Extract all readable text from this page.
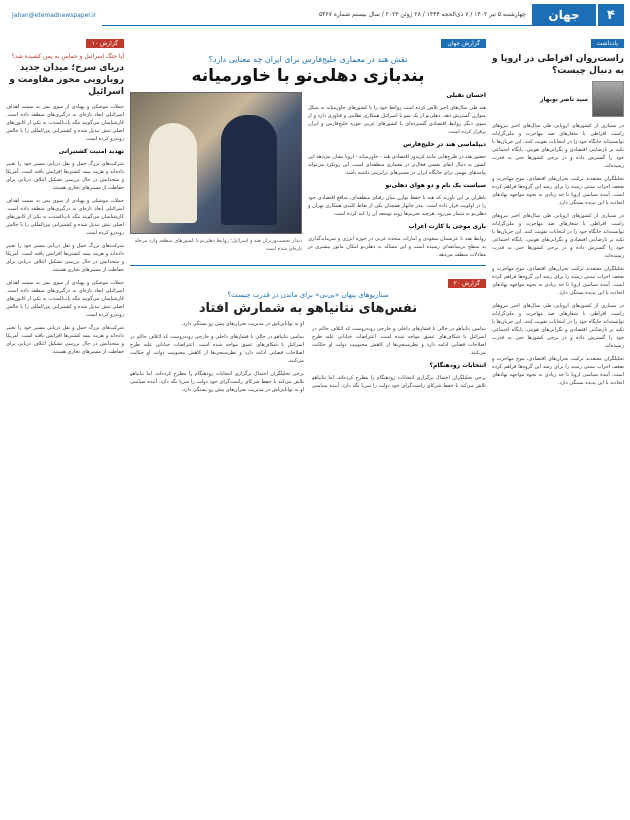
۴
جهان
چهارشنبه ۵ تیر ۱۴۰۲ / ۷ ذی‌الحجه ۱۴۴۴ / ۲۸ ژوئن ۲۰۲۳ / سال بیستم شماره ۵۴۶۷
Jahan@etemadnewspaper.ir
یادداشت
راست‌روان افراطی در اروپا و به دنبال چیست؟
سید ناصر نوبهار

در بسیاری از کشورهای اروپایی طی سال‌های اخیر نیروهای راست افراطی با شعارهای ضد مهاجرت و ملی‌گرایانه توانسته‌اند جایگاه خود را در انتخابات تقویت کنند. این جریان‌ها با تکیه بر نارضایتی اقتصادی و نگرانی‌های هویتی، پایگاه اجتماعی خود را گسترش داده و در برخی کشورها حتی به قدرت رسیده‌اند.

تحلیلگران معتقدند ترکیب بحران‌های اقتصادی، موج مهاجرت و ضعف احزاب سنتی زمینه را برای رشد این گروه‌ها فراهم کرده است. آینده سیاسی اروپا تا حد زیادی به نحوه مواجهه نهادهای اتحادیه با این پدیده بستگی دارد.

در بسیاری از کشورهای اروپایی طی سال‌های اخیر نیروهای راست افراطی با شعارهای ضد مهاجرت و ملی‌گرایانه توانسته‌اند جایگاه خود را در انتخابات تقویت کنند. این جریان‌ها با تکیه بر نارضایتی اقتصادی و نگرانی‌های هویتی، پایگاه اجتماعی خود را گسترش داده و در برخی کشورها حتی به قدرت رسیده‌اند.

تحلیلگران معتقدند ترکیب بحران‌های اقتصادی، موج مهاجرت و ضعف احزاب سنتی زمینه را برای رشد این گروه‌ها فراهم کرده است. آینده سیاسی اروپا تا حد زیادی به نحوه مواجهه نهادهای اتحادیه با این پدیده بستگی دارد.

در بسیاری از کشورهای اروپایی طی سال‌های اخیر نیروهای راست افراطی با شعارهای ضد مهاجرت و ملی‌گرایانه توانسته‌اند جایگاه خود را در انتخابات تقویت کنند. این جریان‌ها با تکیه بر نارضایتی اقتصادی و نگرانی‌های هویتی، پایگاه اجتماعی خود را گسترش داده و در برخی کشورها حتی به قدرت رسیده‌اند.

تحلیلگران معتقدند ترکیب بحران‌های اقتصادی، موج مهاجرت و ضعف احزاب سنتی زمینه را برای رشد این گروه‌ها فراهم کرده است. آینده سیاسی اروپا تا حد زیادی به نحوه مواجهه نهادهای اتحادیه با این پدیده بستگی دارد.

گزارش ۱۰
آیا جنگ اسرائیل و حماس به یمن کشیده شد؟
دریای سرخ؛ میدان جدید رویارویی محور مقاومت و اسرائیل

حملات موشکی و پهپادی از سوی یمن به سمت اهداف اسرائیلی ابعاد تازه‌ای به درگیری‌های منطقه داده است. کارشناسان می‌گویند تنگه باب‌المندب به یکی از کانون‌های اصلی تنش تبدیل شده و کشتیرانی بین‌المللی را با چالش روبه‌رو کرده است.

تهدید امنیت کشتیرانی

شرکت‌های بزرگ حمل و نقل دریایی مسیر خود را تغییر داده‌اند و هزینه بیمه کشتی‌ها افزایش یافته است. آمریکا و متحدانش در حال بررسی تشکیل ائتلاف دریایی برای حفاظت از مسیرهای تجاری هستند.

حملات موشکی و پهپادی از سوی یمن به سمت اهداف اسرائیلی ابعاد تازه‌ای به درگیری‌های منطقه داده است. کارشناسان می‌گویند تنگه باب‌المندب به یکی از کانون‌های اصلی تنش تبدیل شده و کشتیرانی بین‌المللی را با چالش روبه‌رو کرده است.

شرکت‌های بزرگ حمل و نقل دریایی مسیر خود را تغییر داده‌اند و هزینه بیمه کشتی‌ها افزایش یافته است. آمریکا و متحدانش در حال بررسی تشکیل ائتلاف دریایی برای حفاظت از مسیرهای تجاری هستند.

حملات موشکی و پهپادی از سوی یمن به سمت اهداف اسرائیلی ابعاد تازه‌ای به درگیری‌های منطقه داده است. کارشناسان می‌گویند تنگه باب‌المندب به یکی از کانون‌های اصلی تنش تبدیل شده و کشتیرانی بین‌المللی را با چالش روبه‌رو کرده است.

شرکت‌های بزرگ حمل و نقل دریایی مسیر خود را تغییر داده‌اند و هزینه بیمه کشتی‌ها افزایش یافته است. آمریکا و متحدانش در حال بررسی تشکیل ائتلاف دریایی برای حفاظت از مسیرهای تجاری هستند.

گزارش جهان
نقش هند در معماری خلیج‌فارس برای ایران چه معنایی دارد؟
بندبازی دهلی‌نو با خاورمیانه
دیدار نخست‌وزیران هند و اسرائیل؛ روابط دهلی‌نو با کشورهای منطقه وارد مرحله تازه‌ای شده است
احسان تقیلی

هند طی سال‌های اخیر تلاش کرده است روابط خود را با کشورهای خاورمیانه به شکل متوازن گسترش دهد. دهلی‌نو از یک سو با اسرائیل همکاری نظامی و فناوری دارد و از سوی دیگر روابط اقتصادی گسترده‌ای با کشورهای عربی حوزه خلیج‌فارس و ایران برقرار کرده است.

دیپلماسی هند در خلیج‌فارس

حضور هند در طرح‌هایی مانند کریدور اقتصادی هند - خاورمیانه - اروپا نشان می‌دهد این کشور به دنبال ایفای نقشی فعال‌تر در معماری منطقه‌ای است. این رویکرد می‌تواند پیامدهای مهمی برای جایگاه ایران در مسیرهای ترانزیتی داشته باشد.

سیاست یک بام و دو هوای دهلی‌نو

ناظران بر این باورند که هند با حفظ توازن میان رقبای منطقه‌ای، منافع اقتصادی خود را در اولویت قرار داده است. بندر چابهار همچنان یکی از نقاط کلیدی همکاری تهران و دهلی‌نو به شمار می‌رود، هرچند تحریم‌ها روند توسعه آن را کند کرده است.

بازی موجی با کارت اعراب

روابط هند با عربستان سعودی و امارات متحده عربی در حوزه انرژی و سرمایه‌گذاری به سطح بی‌سابقه‌ای رسیده است و این مساله به دهلی‌نو امکان مانور بیشتری در معادلات منطقه می‌دهد.

گزارش ۲۰
سناریوهای پنهان «بی‌بی» برای ماندن در قدرت چیست؟
نفس‌های نتانیاهو به شمارش افتاد

بنیامین نتانیاهو در حالی با فشارهای داخلی و خارجی روبه‌روست که ائتلاف حاکم در اسرائیل با شکاف‌های عمیق مواجه شده است. اعتراضات خیابانی علیه طرح اصلاحات قضایی ادامه دارد و نظرسنجی‌ها از کاهش محبوبیت دولت او حکایت می‌کنند.

انتخابات زودهنگام؟

برخی تحلیلگران احتمال برگزاری انتخابات زودهنگام را مطرح کرده‌اند، اما نتانیاهو تلاش می‌کند با حفظ شرکای راست‌گرای خود دولت را سرپا نگه دارد. آینده سیاسی او به توانایی‌اش در مدیریت بحران‌های پیش رو بستگی دارد.

بنیامین نتانیاهو در حالی با فشارهای داخلی و خارجی روبه‌روست که ائتلاف حاکم در اسرائیل با شکاف‌های عمیق مواجه شده است. اعتراضات خیابانی علیه طرح اصلاحات قضایی ادامه دارد و نظرسنجی‌ها از کاهش محبوبیت دولت او حکایت می‌کنند.

برخی تحلیلگران احتمال برگزاری انتخابات زودهنگام را مطرح کرده‌اند، اما نتانیاهو تلاش می‌کند با حفظ شرکای راست‌گرای خود دولت را سرپا نگه دارد. آینده سیاسی او به توانایی‌اش در مدیریت بحران‌های پیش رو بستگی دارد.
